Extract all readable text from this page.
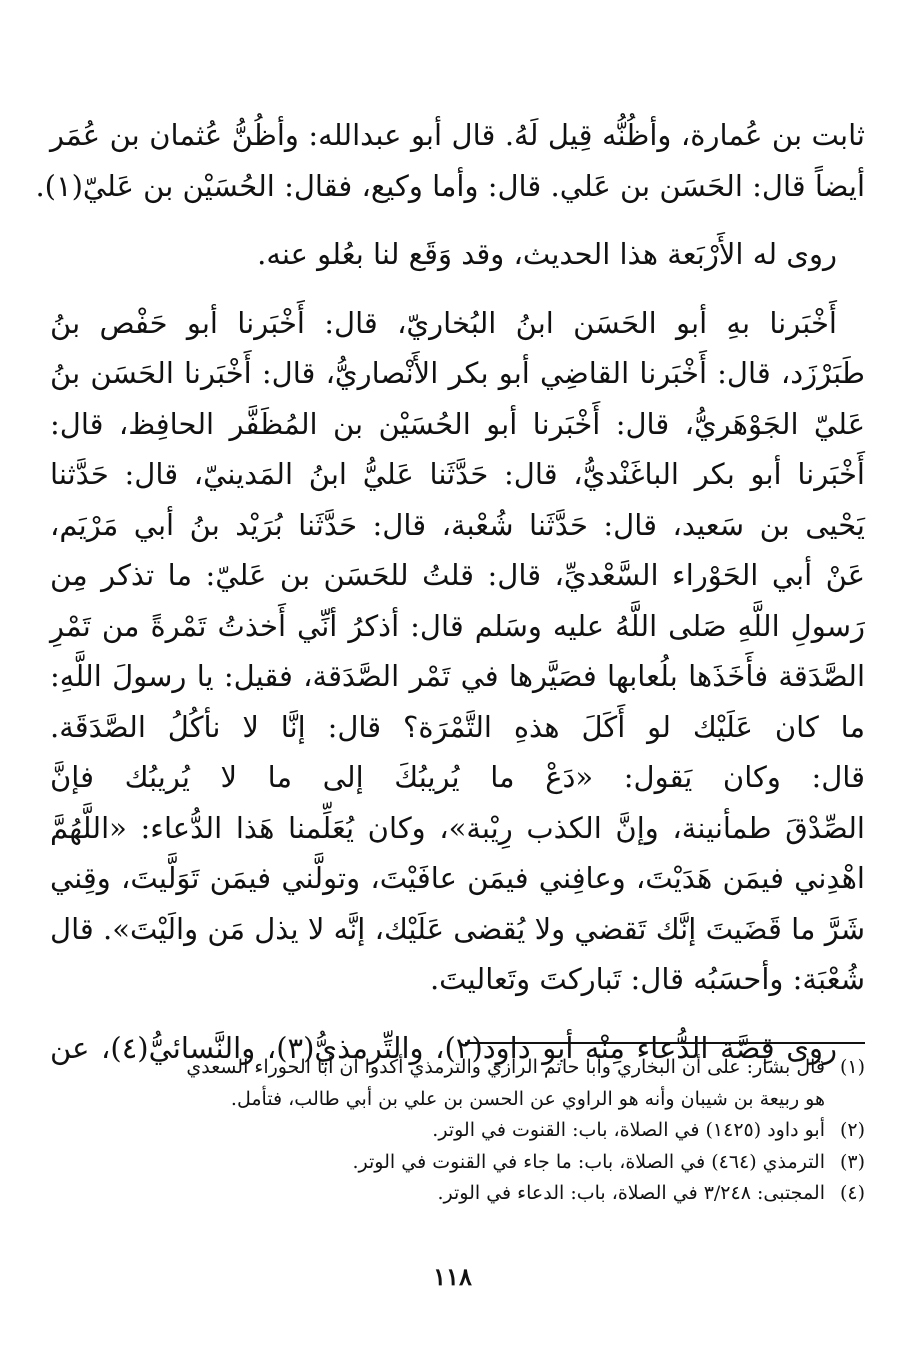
ثابت بن عُمارة، وأظُنُّه قِيل لَهُ. قال أبو عبدالله: وأظُنُّ عُثمان بن عُمَر
أيضاً قال: الحَسَن بن عَلي. قال: وأما وكيع، فقال: الحُسَيْن بن عَليّ(١).

روى له الأَرْبَعة هذا الحديث، وقد وَقَع لنا بعُلو عنه.

أَخْبَرنا بهِ أبو الحَسَن ابنُ البُخاريّ، قال: أَخْبَرنا أبو حَفْص بنُ
طَبَرْزَد، قال: أَخْبَرنا القاضِي أبو بكر الأَنْصاريُّ، قال: أَخْبَرنا الحَسَن بنُ
عَليّ الجَوْهَريُّ، قال: أَخْبَرنا أبو الحُسَيْن بن المُظَفَّر الحافِظ، قال:
أَخْبَرنا أبو بكر الباغَنْديُّ، قال: حَدَّثَنا عَليُّ ابنُ المَدينيّ، قال: حَدَّثنا
يَحْيى بن سَعيد، قال: حَدَّثَنا شُعْبة، قال: حَدَّثَنا بُرَيْد بنُ أبي مَرْيَم،
عَنْ أبي الحَوْراء السَّعْديِّ، قال: قلتُ للحَسَن بن عَليّ: ما تذكر مِن
رَسولِ اللَّهِ صَلى اللَّهُ عليه وسَلم قال: أذكرُ أنِّي أَخذتُ تَمْرةً من تَمْرِ
الصَّدَقة فأَخَذَها بلُعابها فصَيَّرها في تَمْر الصَّدَقة، فقيل: يا رسولَ اللَّهِ:
ما كان عَلَيْك لو أَكَلَ هذهِ التَّمْرَة؟ قال: إنَّا لا نأكُلُ الصَّدَقَة.
قال: وكان يَقول: «دَعْ ما يُريبُكَ إلى ما لا يُريبُك فإنَّ
الصِّدْقَ طمأنينة، وإنَّ الكذب رِيْبة»، وكان يُعَلِّمنا هَذا الدُّعاء: «اللَّهُمَّ
اهْدِني فيمَن هَدَيْتَ، وعافِني فيمَن عافَيْتَ، وتولَّني فيمَن تَوَلَّيتَ، وقِني
شَرَّ ما قَضَيتَ إنَّك تَقضي ولا يُقضى عَلَيْك، إنَّه لا يذل مَن والَيْتَ». قال
شُعْبَة: وأحسَبُه قال: تَباركتَ وتَعاليتَ.

روى قِصَّة الدُّعاء مِنْه أبو داود(٢)، والتِّرمذيُّ(٣)، والنَّسائيُّ(٤)، عن

(١)قال بشار: على أن البخاري وأبا حاتم الرازي والترمذي أكدوا أن أبا الحوراء السعدي
هو ربيعة بن شيبان وأنه هو الراوي عن الحسن بن علي بن أبي طالب، فتأمل.
(٢)أبو داود (١٤٢٥) في الصلاة، باب: القنوت في الوتر.
(٣)الترمذي (٤٦٤) في الصلاة، باب: ما جاء في القنوت في الوتر.
(٤)المجتبى: ٣/٢٤٨ في الصلاة، باب: الدعاء في الوتر.
١١٨
